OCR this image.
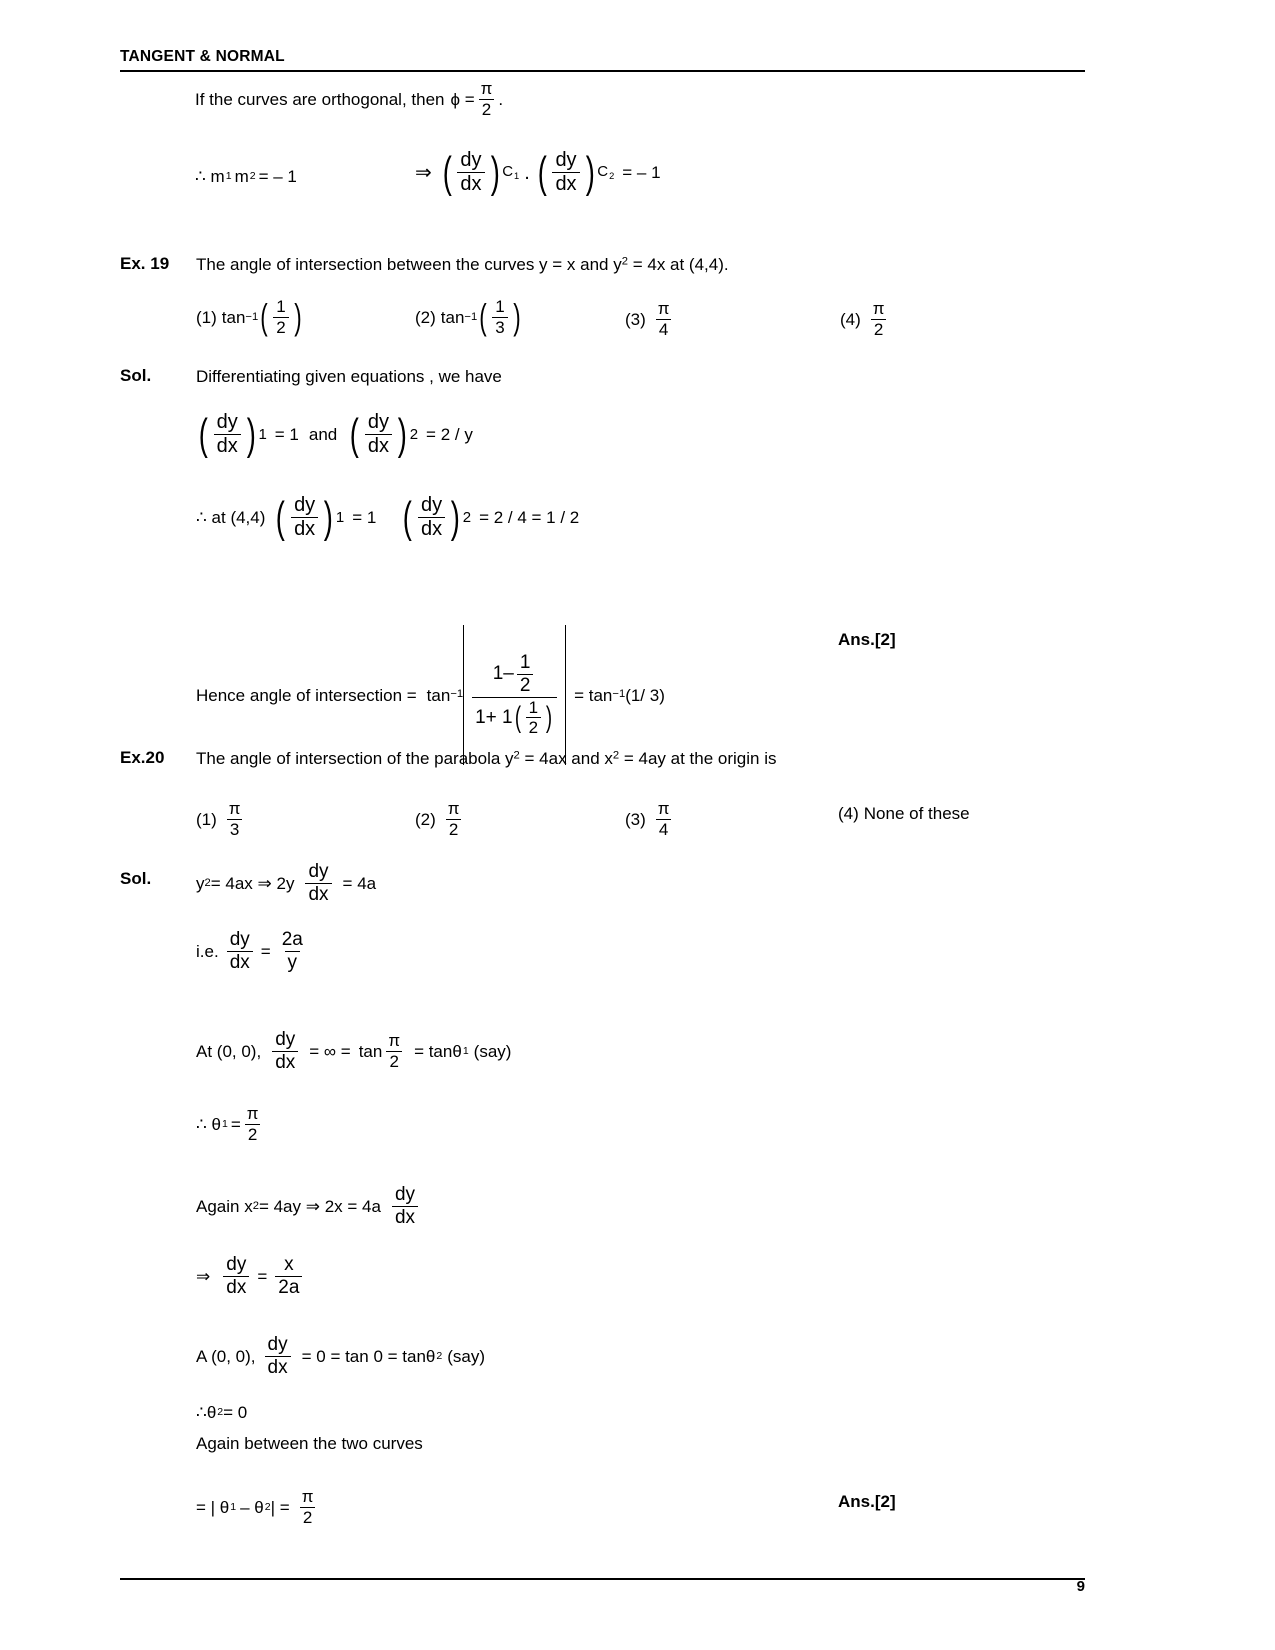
TANGENT & NORMAL
If the curves are orthogonal, then $\phi = \frac{\pi}{2}$ .
∴ m 1 m 2 = – 1	⇒ ( $\frac{dy}{dx}$ ) $C_1$ . ( $\frac{dy}{dx}$ ) $C_2$ = – 1
Ex. 19	The angle of intersection between the curves y = x and $y^2 = 4x$ at (4,4).
(1) tan −1 ( $\frac{1}{2}$ )	(2) tan −1 ( $\frac{1}{3}$ )	$(3) \frac{\pi}{4}$	$(4) \frac{\pi}{2}$
Sol.	Differentiating given equations , we have
( $\frac{dy}{dx}$ ) 1 = 1 and ( $\frac{dy}{dx}$ ) 2 = 2 / y
∴ at (4,4) ( $\frac{dy}{dx}$ ) 1 = 1 ( $\frac{dy}{dx}$ ) 2 = 2 / 4 = 1 / 2
Hence angle of intersection = tan −1
$1- \frac{1}{2}$
1+ 1 ( $\frac{1}{2}$ )
= tan −1 (1/ 3)
Ans.[2]
Ex.20	The angle of intersection of the parabola $y^2 = 4ax$ and $x^2 = 4ay$ at the origin is
$(1) \frac{\pi}{3}$	$(2) \frac{\pi}{2}$	$(3) \frac{\pi}{4}$	(4) None of these
Sol.	y 2 = 4ax ⇒ $2y \frac{dy}{dx} = 4a$
i.e. $\frac{dy}{dx} = \frac{2a}{y}$
At (0, 0), $\frac{dy}{dx}$ = ∞ = $\tan \frac{\pi}{2} = \tan\theta$ 1 (say)
∴ θ $1 = \frac{\pi}{2}$
Again x 2 = 4ay ⇒ $2x = 4a \frac{dy}{dx}$
⇒ $\frac{dy}{dx} = \frac{x}{2a}$
A (0, 0), $\frac{dy}{dx} = 0 = \tan 0 = \tan\theta$ 2 (say)
∴θ 2 = 0
Again between the two curves
= | θ 1 – θ 2 | = $\frac{\pi}{2}$	Ans.[2]
9
